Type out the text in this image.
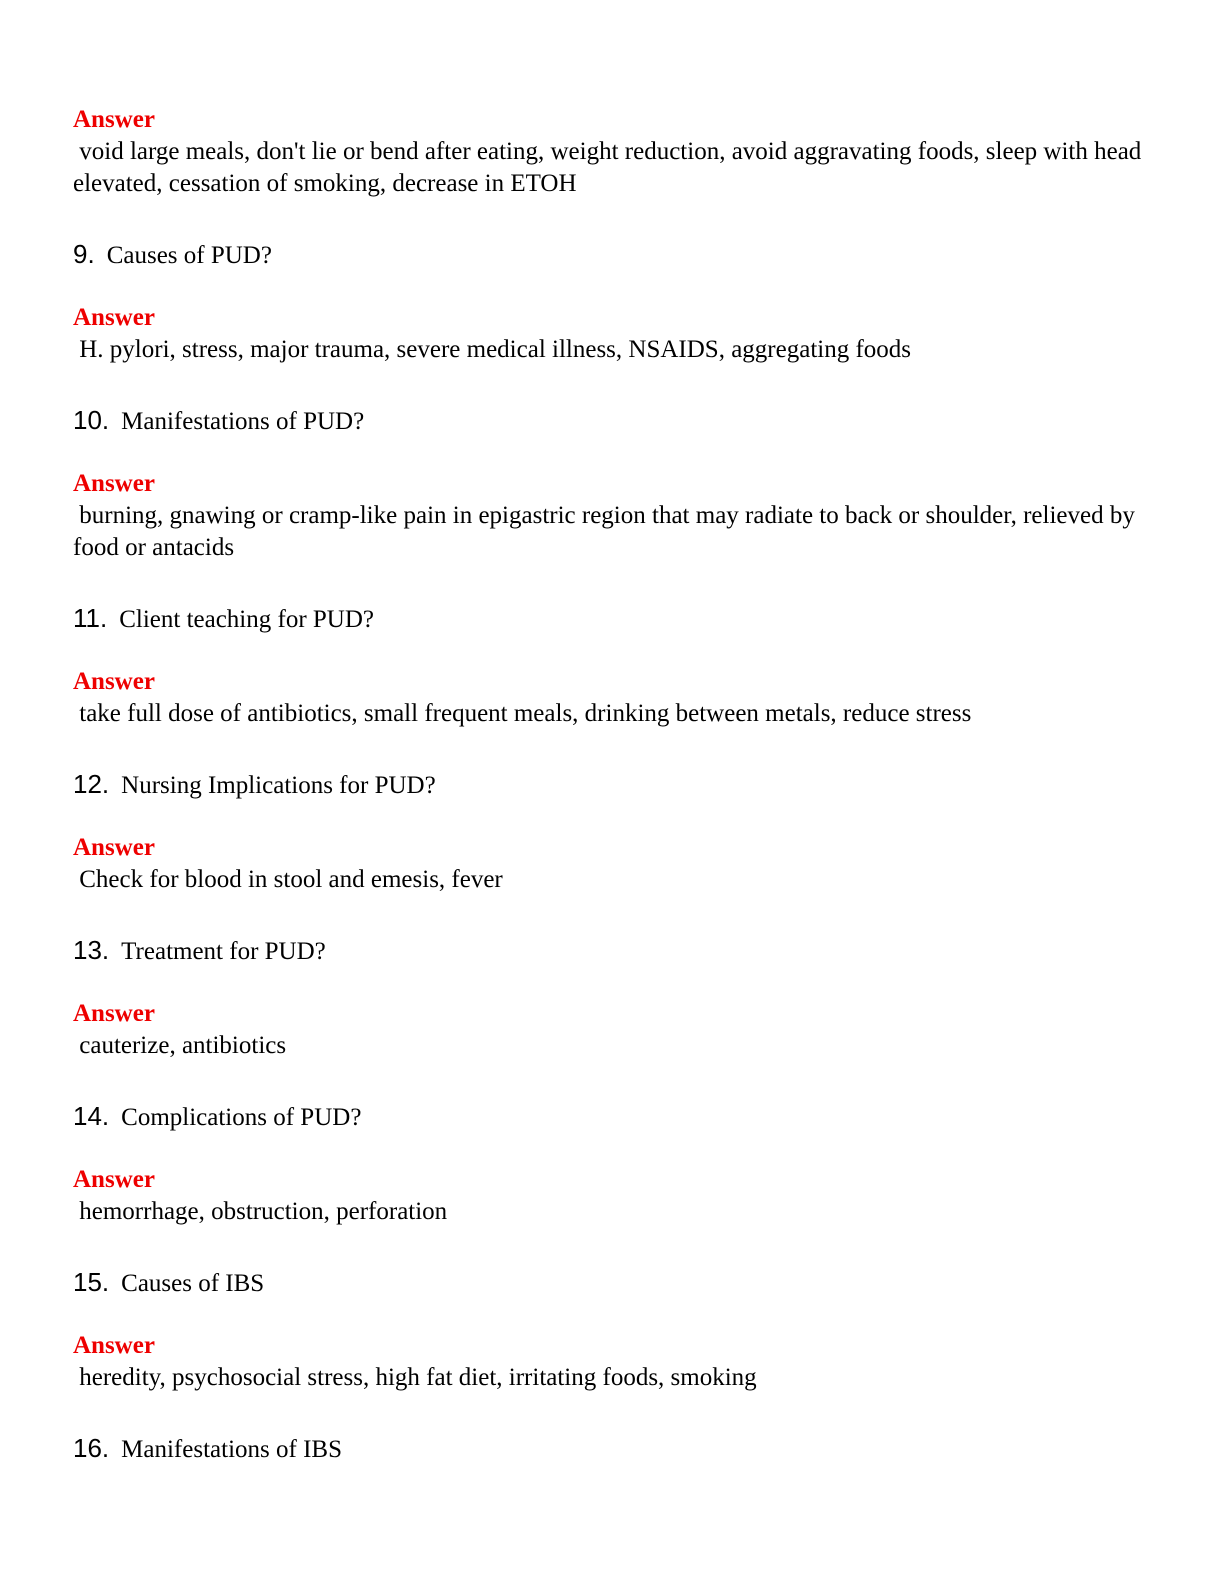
Answer

void large meals, don't lie or bend after eating, weight reduction, avoid aggravating foods, sleep with head elevated, cessation of smoking, decrease in ETOH

9. Causes of PUD?

Answer

H. pylori, stress, major trauma, severe medical illness, NSAIDS, aggregating foods

10. Manifestations of PUD?

Answer

burning, gnawing or cramp-like pain in epigastric region that may radiate to back or shoulder, relieved by food or antacids

11. Client teaching for PUD?

Answer

take full dose of antibiotics, small frequent meals, drinking between metals, reduce stress

12. Nursing Implications for PUD?

Answer

Check for blood in stool and emesis, fever

13. Treatment for PUD?

Answer

cauterize, antibiotics

14. Complications of PUD?

Answer

hemorrhage, obstruction, perforation

15. Causes of IBS

Answer

heredity, psychosocial stress, high fat diet, irritating foods, smoking

16. Manifestations of IBS
